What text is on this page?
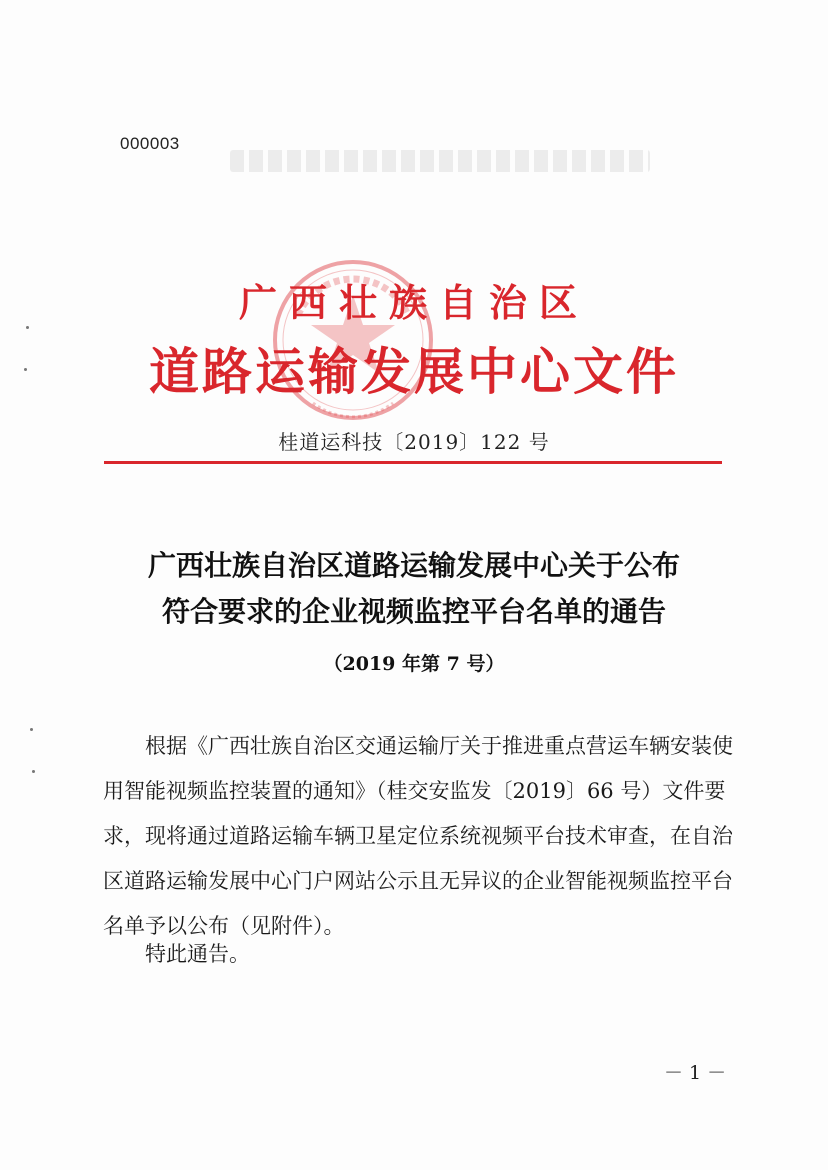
000003
广西壮族自治区
道路运输发展中心文件
桂道运科技〔2019〕122 号
广西壮族自治区道路运输发展中心关于公布
符合要求的企业视频监控平台名单的通告
（2019 年第 7 号）

根据《广西壮族自治区交通运输厅关于推进重点营运车辆安装使用智能视频监控装置的通知》（桂交安监发〔2019〕66 号）文件要求，现将通过道路运输车辆卫星定位系统视频平台技术审查，在自治区道路运输发展中心门户网站公示且无异议的企业智能视频监控平台名单予以公布（见附件）。

特此通告。
－ 1 －
